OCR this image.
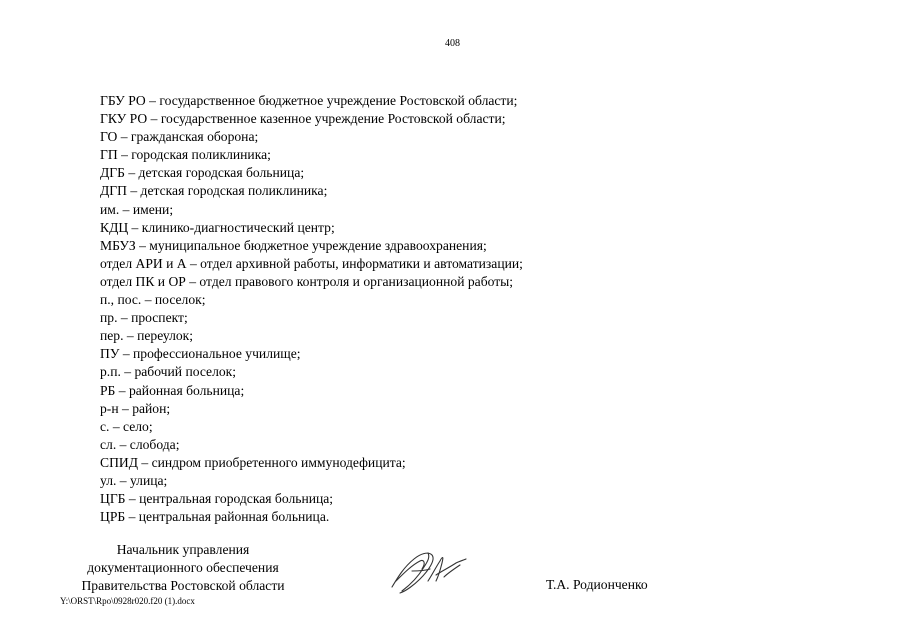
408
ГБУ РО – государственное бюджетное учреждение Ростовской области;
ГКУ РО – государственное казенное учреждение Ростовской области;
ГО – гражданская оборона;
ГП – городская поликлиника;
ДГБ – детская городская больница;
ДГП – детская городская поликлиника;
им. – имени;
КДЦ – клинико-диагностический центр;
МБУЗ – муниципальное бюджетное учреждение здравоохранения;
отдел АРИ и А – отдел архивной работы, информатики и автоматизации;
отдел ПК и ОР – отдел правового контроля и организационной работы;
п., пос. – поселок;
пр. – проспект;
пер. – переулок;
ПУ – профессиональное училище;
р.п. – рабочий поселок;
РБ – районная больница;
р-н – район;
с. – село;
сл. – слобода;
СПИД – синдром приобретенного иммунодефицита;
ул. – улица;
ЦГБ – центральная городская больница;
ЦРБ – центральная районная больница.
Начальник управления
документационного обеспечения
Правительства Ростовской области	Т.А. Родионченко
Y:\ORST\Rpo\0928r020.f20 (1).docx
